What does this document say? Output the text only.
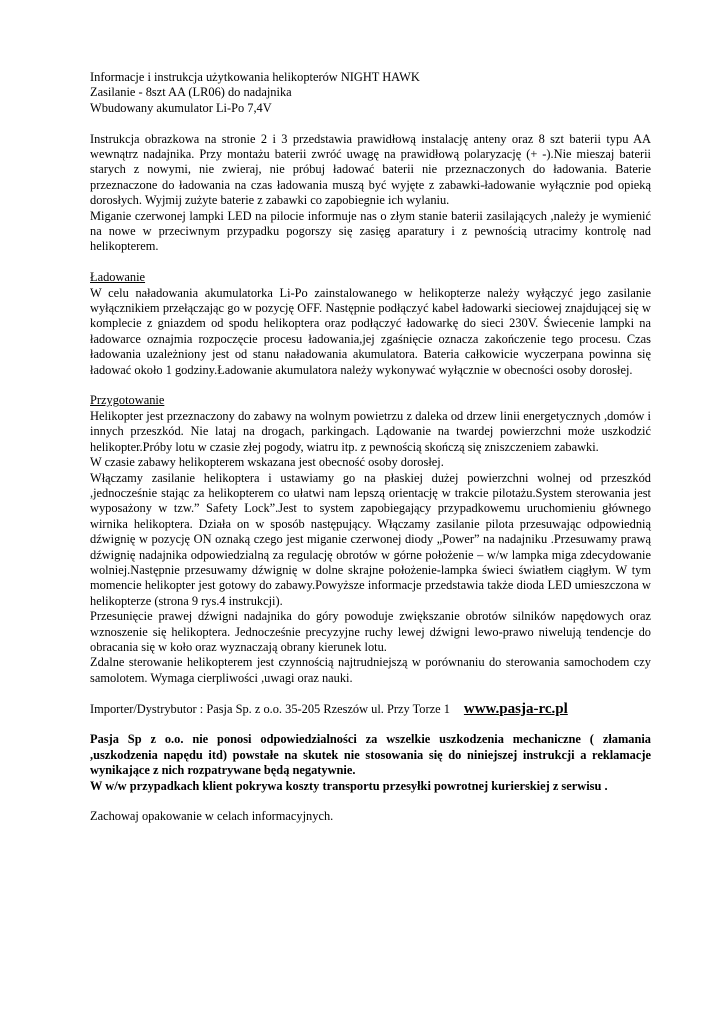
Informacje i instrukcja użytkowania helikopterów NIGHT HAWK

Zasilanie - 8szt AA (LR06) do nadajnika

Wbudowany akumulator Li-Po 7,4V

Instrukcja obrazkowa na stronie 2 i 3 przedstawia prawidłową instalację anteny oraz 8 szt baterii typu AA wewnątrz nadajnika. Przy montażu baterii zwróć uwagę na prawidłową polaryzację (+ -).Nie mieszaj baterii starych z nowymi, nie zwieraj, nie próbuj ładować baterii nie przeznaczonych do ładowania. Baterie przeznaczone do ładowania na czas ładowania muszą być wyjęte z zabawki-ładowanie wyłącznie pod opieką dorosłych. Wyjmij zużyte baterie z zabawki co zapobiegnie ich wylaniu.

Miganie czerwonej lampki LED na pilocie informuje nas o złym stanie baterii zasilających ,należy je wymienić na nowe w przeciwnym przypadku pogorszy się zasięg aparatury i z pewnością utracimy kontrolę nad helikopterem.

Ładowanie

W celu naładowania akumulatorka Li-Po zainstalowanego w helikopterze należy wyłączyć jego zasilanie wyłącznikiem przełączając go w pozycję OFF. Następnie podłączyć kabel ładowarki sieciowej znajdującej się w komplecie z gniazdem od spodu helikoptera oraz podłączyć ładowarkę do sieci 230V. Świecenie lampki na ładowarce oznajmia rozpoczęcie procesu ładowania,jej zgaśnięcie oznacza zakończenie tego procesu. Czas ładowania uzależniony jest od stanu naładowania akumulatora. Bateria całkowicie wyczerpana powinna się ładować około 1 godziny.Ładowanie akumulatora należy wykonywać wyłącznie w obecności osoby dorosłej.

Przygotowanie

Helikopter jest przeznaczony do zabawy na wolnym powietrzu z daleka od drzew linii energetycznych ,domów i innych przeszkód. Nie lataj na drogach, parkingach. Lądowanie na twardej powierzchni może uszkodzić helikopter.Próby lotu w czasie złej pogody, wiatru itp. z pewnością skończą się zniszczeniem zabawki.

W czasie zabawy helikopterem wskazana jest obecność osoby dorosłej.

Włączamy zasilanie helikoptera i ustawiamy go na płaskiej dużej powierzchni wolnej od przeszkód ,jednocześnie stając za helikopterem co ułatwi nam lepszą orientację w trakcie pilotażu.System sterowania jest wyposażony w tzw.” Safety Lock”.Jest to system zapobiegający przypadkowemu uruchomieniu głównego wirnika helikoptera. Działa on w sposób następujący. Włączamy zasilanie pilota przesuwając odpowiednią dźwignię w pozycję ON oznaką czego jest miganie czerwonej diody „Power” na nadajniku .Przesuwamy prawą dźwignię nadajnika odpowiedzialną za regulację obrotów w górne położenie – w/w lampka miga zdecydowanie wolniej.Następnie przesuwamy dźwignię w dolne skrajne położenie-lampka świeci światłem ciągłym. W tym momencie helikopter jest gotowy do zabawy.Powyższe informacje przedstawia także dioda LED umieszczona w helikopterze (strona 9 rys.4 instrukcji).

Przesunięcie prawej dźwigni nadajnika do góry powoduje zwiększanie obrotów silników napędowych oraz wznoszenie się helikoptera. Jednocześnie precyzyjne ruchy lewej dźwigni lewo-prawo niwelują tendencje do obracania się w koło oraz wyznaczają obrany kierunek lotu.

Zdalne sterowanie helikopterem jest czynnością najtrudniejszą w porównaniu do sterowania samochodem czy samolotem. Wymaga cierpliwości ,uwagi oraz nauki.

Importer/Dystrybutor : Pasja Sp. z o.o. 35-205 Rzeszów ul. Przy Torze 1 www.pasja-rc.pl

Pasja Sp z o.o. nie ponosi odpowiedzialności za wszelkie uszkodzenia mechaniczne ( złamania ,uszkodzenia napędu itd) powstałe na skutek nie stosowania się do niniejszej instrukcji a reklamacje wynikające z nich rozpatrywane będą negatywnie.

W w/w przypadkach klient pokrywa koszty transportu przesyłki powrotnej kurierskiej z serwisu .

Zachowaj opakowanie w celach informacyjnych.
